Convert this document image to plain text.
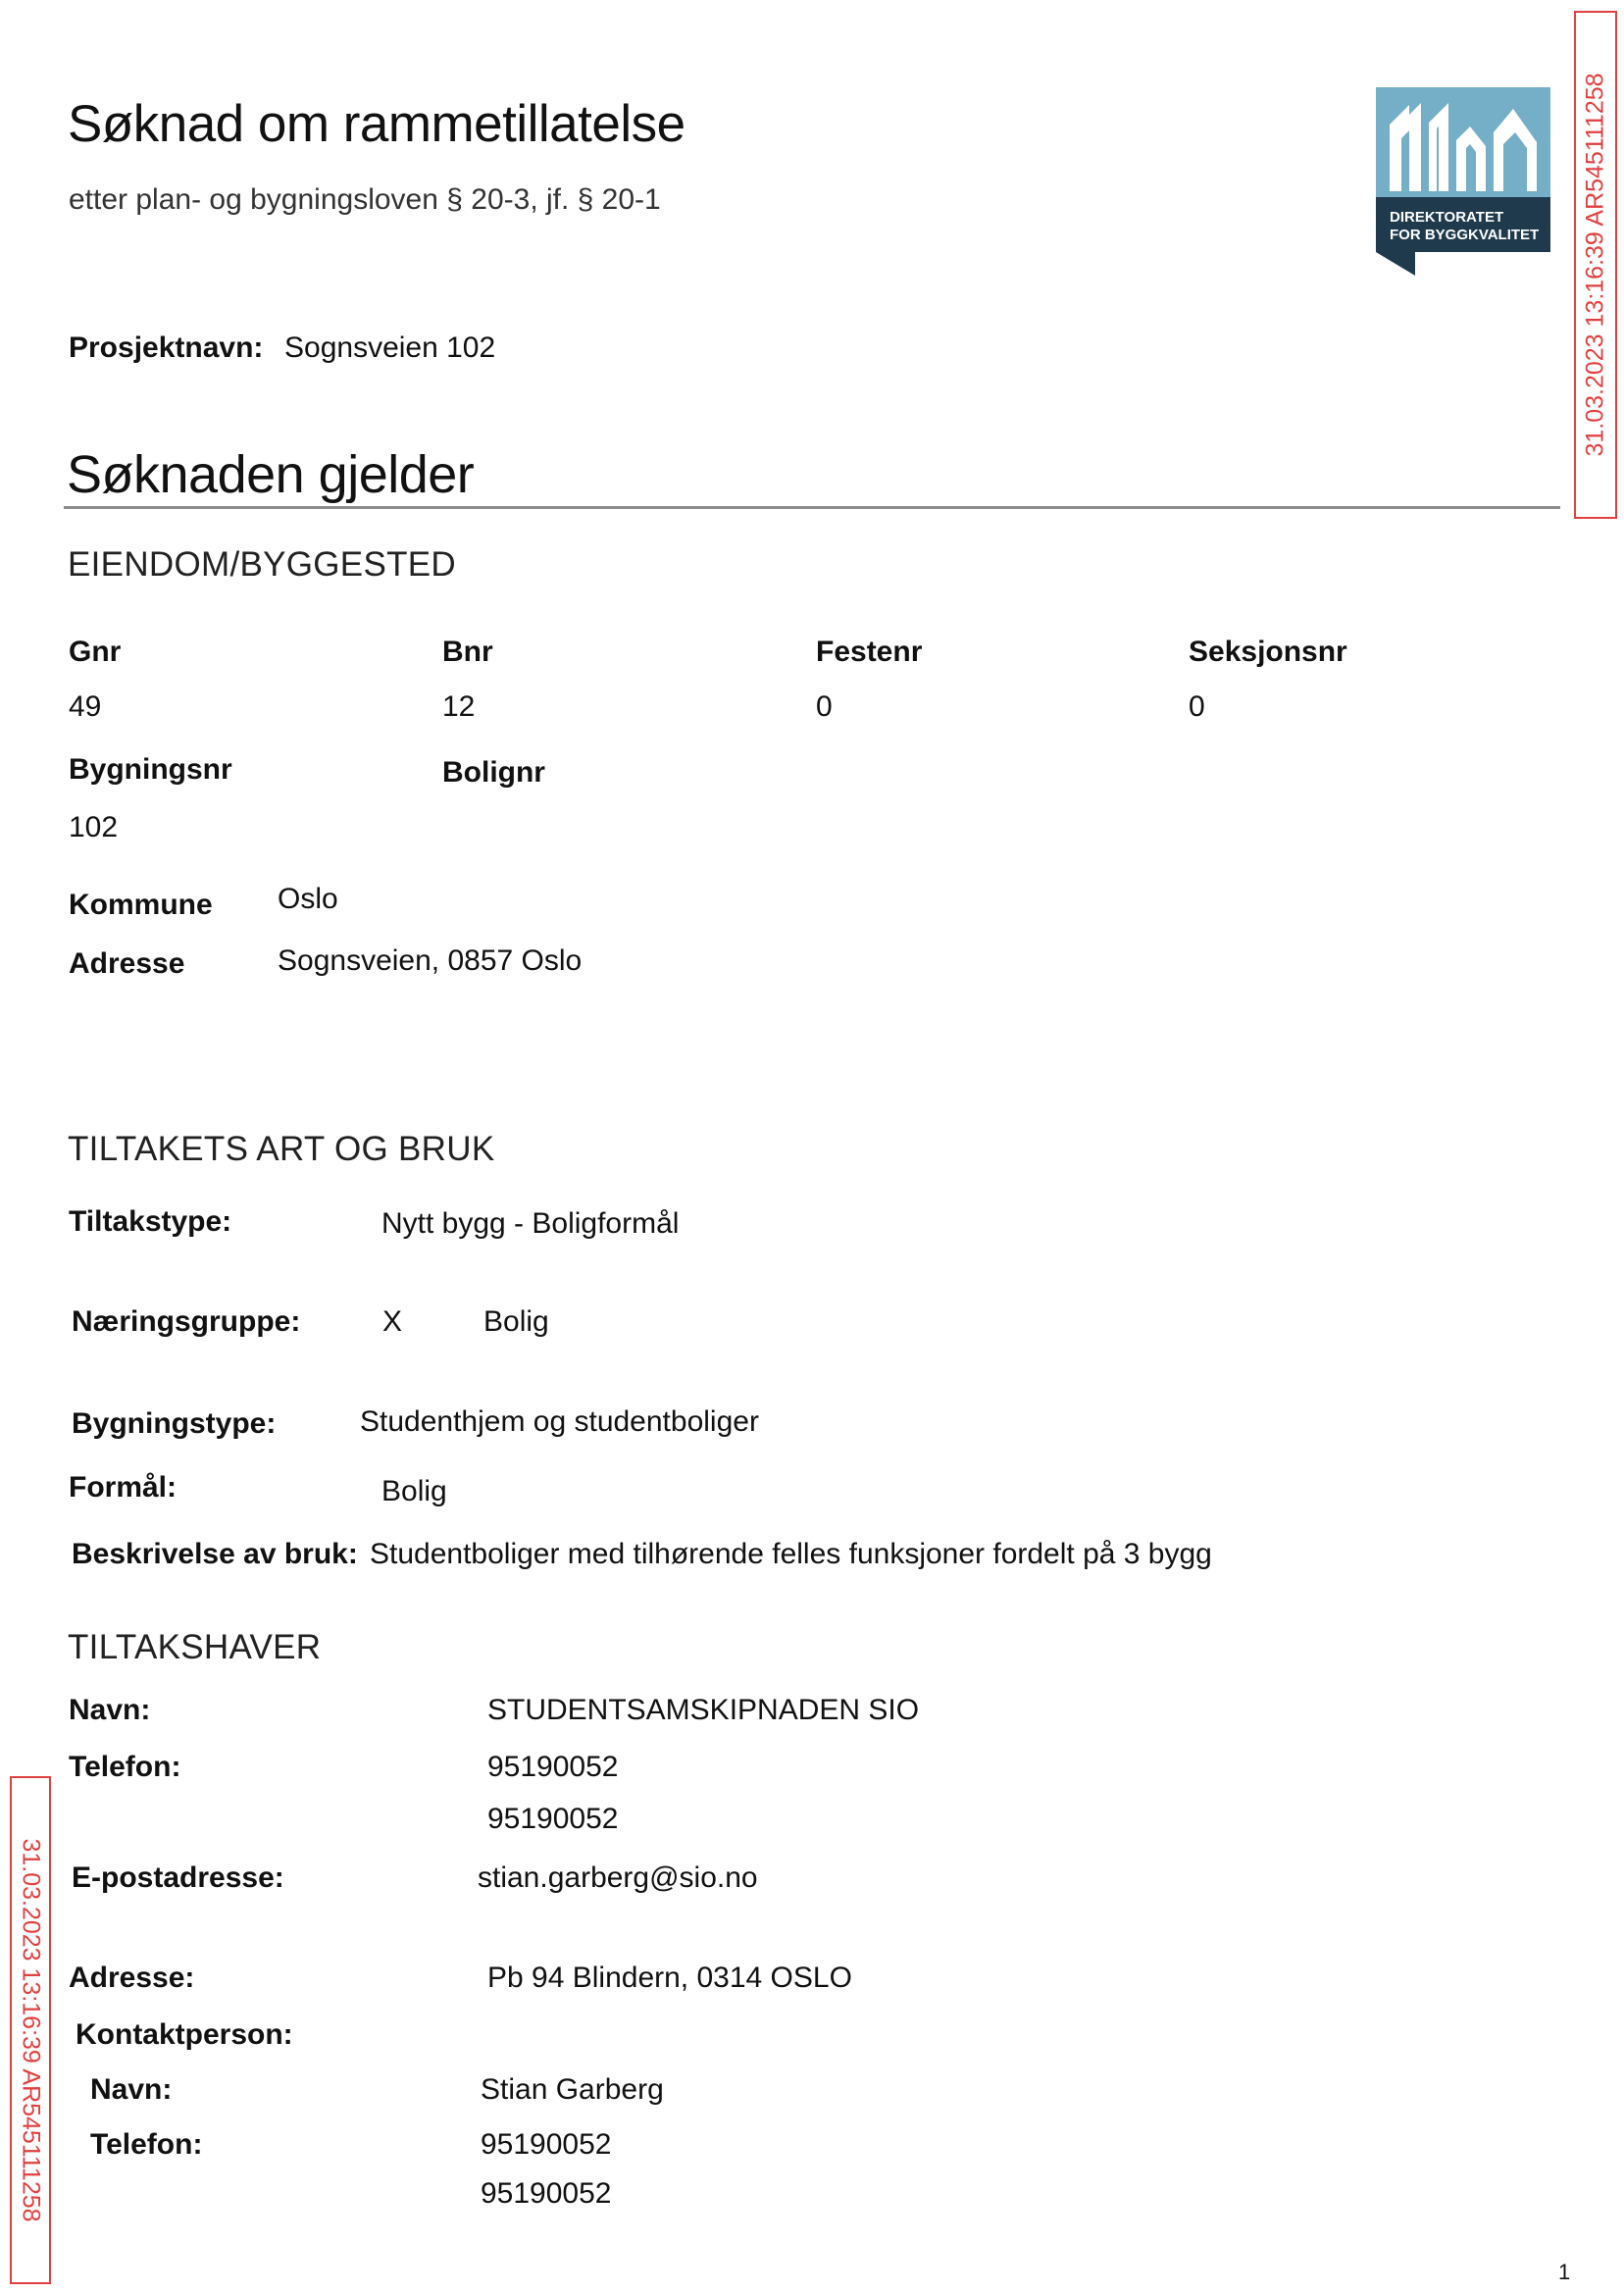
Søknad om rammetillatelse
etter plan- og bygningsloven § 20-3, jf. § 20-1
DIREKTORATET
FOR BYGGKVALITET 31.03.2023 13:16:39 AR545111258
31.03.2023 13:16:39 AR545111258
Prosjektnavn: Sognsveien 102
Søknaden gjelder
EIENDOM/BYGGESTED
Gnr	Bnr	Festenr	Seksjonsnr
49	12	0	0
Bygningsnr	Bolignr
102
Kommune Oslo
Adresse	Sognsveien, 0857 Oslo
TILTAKETS ART OG BRUK
Tiltakstype:	Nytt bygg - Boligformål
Næringsgruppe:	X	Bolig
Bygningstype:	Studenthjem og studentboliger
Formål:	Bolig
Beskrivelse av bruk: Studentboliger med tilhørende felles funksjoner fordelt på 3 bygg
TILTAKSHAVER
Navn:	STUDENTSAMSKIPNADEN SIO
Telefon:	95190052
95190052
E-postadresse:	stian.garberg@sio.no
Adresse:	Pb 94 Blindern, 0314 OSLO
Kontaktperson:
Navn:	Stian Garberg
Telefon:	95190052
95190052
1
